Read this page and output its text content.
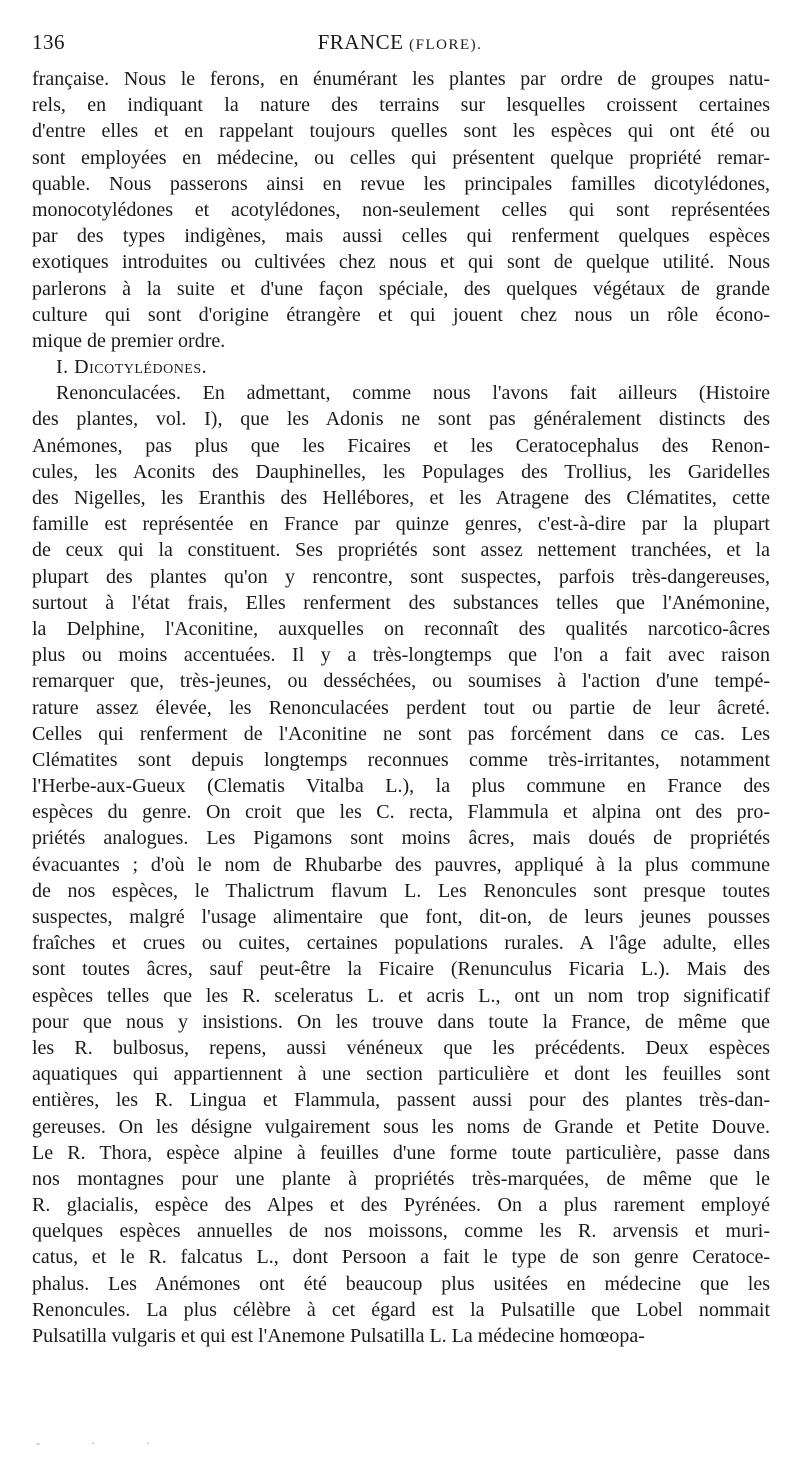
136	FRANCE (FLORE).
française. Nous le ferons, en énumérant les plantes par ordre de groupes natu-
rels, en indiquant la nature des terrains sur lesquelles croissent certaines
d'entre elles et en rappelant toujours quelles sont les espèces qui ont été ou
sont employées en médecine, ou celles qui présentent quelque propriété remar-
quable. Nous passerons ainsi en revue les principales familles dicotylédones,
monocotylédones et acotylédones, non-seulement celles qui sont représentées
par des types indigènes, mais aussi celles qui renferment quelques espèces
exotiques introduites ou cultivées chez nous et qui sont de quelque utilité. Nous
parlerons à la suite et d'une façon spéciale, des quelques végétaux de grande
culture qui sont d'origine étrangère et qui jouent chez nous un rôle écono-
mique de premier ordre.
I. Dicotylédones.
Renonculacées. En admettant, comme nous l'avons fait ailleurs (Histoire
des plantes, vol. I), que les Adonis ne sont pas généralement distincts des
Anémones, pas plus que les Ficaires et les Ceratocephalus des Renon-
cules, les Aconits des Dauphinelles, les Populages des Trollius, les Garidelles
des Nigelles, les Eranthis des Hellébores, et les Atragene des Clématites, cette
famille est représentée en France par quinze genres, c'est-à-dire par la plupart
de ceux qui la constituent. Ses propriétés sont assez nettement tranchées, et la
plupart des plantes qu'on y rencontre, sont suspectes, parfois très-dangereuses,
surtout à l'état frais, Elles renferment des substances telles que l'Anémonine,
la Delphine, l'Aconitine, auxquelles on reconnaît des qualités narcotico-âcres
plus ou moins accentuées. Il y a très-longtemps que l'on a fait avec raison
remarquer que, très-jeunes, ou desséchées, ou soumises à l'action d'une tempé-
rature assez élevée, les Renonculacées perdent tout ou partie de leur âcreté.
Celles qui renferment de l'Aconitine ne sont pas forcément dans ce cas. Les
Clématites sont depuis longtemps reconnues comme très-irritantes, notamment
l'Herbe-aux-Gueux (Clematis Vitalba L.), la plus commune en France des
espèces du genre. On croit que les C. recta, Flammula et alpina ont des pro-
priétés analogues. Les Pigamons sont moins âcres, mais doués de propriétés
évacuantes ; d'où le nom de Rhubarbe des pauvres, appliqué à la plus commune
de nos espèces, le Thalictrum flavum L. Les Renoncules sont presque toutes
suspectes, malgré l'usage alimentaire que font, dit-on, de leurs jeunes pousses
fraîches et crues ou cuites, certaines populations rurales. A l'âge adulte, elles
sont toutes âcres, sauf peut-être la Ficaire (Renunculus Ficaria L.). Mais des
espèces telles que les R. sceleratus L. et acris L., ont un nom trop significatif
pour que nous y insistions. On les trouve dans toute la France, de même que
les R. bulbosus, repens, aussi vénéneux que les précédents. Deux espèces
aquatiques qui appartiennent à une section particulière et dont les feuilles sont
entières, les R. Lingua et Flammula, passent aussi pour des plantes très-dan-
gereuses. On les désigne vulgairement sous les noms de Grande et Petite Douve.
Le R. Thora, espèce alpine à feuilles d'une forme toute particulière, passe dans
nos montagnes pour une plante à propriétés très-marquées, de même que le
R. glacialis, espèce des Alpes et des Pyrénées. On a plus rarement employé
quelques espèces annuelles de nos moissons, comme les R. arvensis et muri-
catus, et le R. falcatus L., dont Persoon a fait le type de son genre Ceratoce-
phalus. Les Anémones ont été beaucoup plus usitées en médecine que les
Renoncules. La plus célèbre à cet égard est la Pulsatille que Lobel nommait
Pulsatilla vulgaris et qui est l'Anemone Pulsatilla L. La médecine homœopa-
- · ·
